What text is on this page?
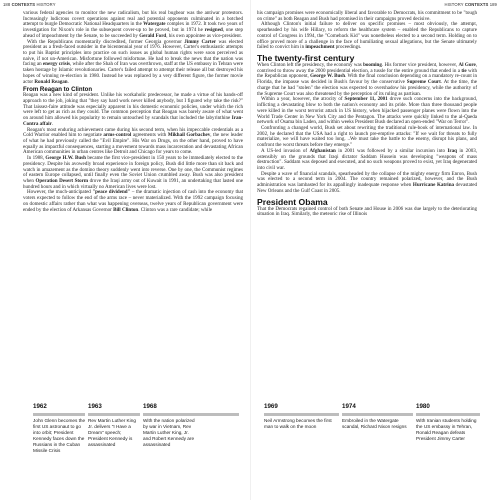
188 CONTEXTS HISTORY	HISTORY CONTEXTS 189

various federal agencies to monitor the new radicalism, but his real bugbear was the antiwar protestors. Increasingly ludicrous covert operations against real and potential opponents culminated in a botched attempt to burgle Democratic National Headquarters in the Watergate complex in 1972. It took two years of investigation for Nixon's role in the subsequent cover-up to be proved, but in 1974 he resigned, one step ahead of impeachment by the Senate, to be succeeded by Gerald Ford, his own appointee as vice-president.

With the Republicans momentarily discredited, former Georgia governor Jimmy Carter was elected president as a fresh-faced outsider in the bicentennial year of 1976. However, Carter's enthusiastic attempts to put his Baptist principles into practice on such issues as global human rights were soon perceived as naive, if not un-American. Misfortune followed misfortune. He had to break the news that the nation was facing an energy crisis, while after the Shah of Iran was overthrown, staff at the US embassy in Tehran were taken hostage by Islamic revolutionaries. Carter's failed attempt to attempt their release all but destroyed his hopes of winning re-election in 1980. Instead he was replaced by a very different figure, the former movie actor Ronald Reagan.

From Reagan to Clinton

Reagan was a new kind of president. Unlike his workaholic predecessor, he made a virtue of his hands-off approach to the job, joking that "they say hard work never killed anybody, but I figured why take the risk?" That laissez-faire attitude was especially apparent in his domestic economic policies, under which the rich were left to get as rich as they could. The common perception that Reagan was barely aware of what went on around him allowed his popularity to remain untouched by scandals that included the labyrinthine Iran-Contra affair.

Reagan's most enduring achievement came during his second term, when his impeccable credentials as a Cold Warrior enabled him to negotiate arms-control agreements with Mikhail Gorbachev, the new leader of what he had previously called the "Evil Empire". His War on Drugs, on the other hand, proved to have equally as impactful consequences, starting a movement towards mass incarceration and devastating African American communities in urban centres like Detroit and Chicago for years to come.

In 1988, George H.W. Bush became the first vice-president in 150 years to be immediately elected to the presidency. Despite his avowedly broad experience in foreign policy, Bush did little more than sit back and watch in amazement as the domino theory suddenly went into reverse. One by one, the Communist regimes of eastern Europe collapsed, until finally even the Soviet Union crumbled away. Bush was also president when Operation Desert Storm drove the Iraqi army out of Kuwait in 1991, an undertaking that lasted one hundred hours and in which virtually no American lives were lost.

However, the much-anticipated "peace dividend" – the dramatic injection of cash into the economy that voters expected to follow the end of the arms race – never materialized. With the 1992 campaign focusing on domestic affairs rather than what was happening overseas, twelve years of Republican government were ended by the election of Arkansas Governor Bill Clinton. Clinton was a rare candidate; while

his campaign promises were economically liberal and favorable to Democrats, his commitment to be "tough on crime" as both Reagan and Bush had promised in their campaigns proved decisive.

Although Clinton's initial failure to deliver on specific promises – most obviously, the attempt, spearheaded by his wife Hillary, to reform the healthcare system – enabled the Republicans to capture control of Congress in 1994, the "Comeback Kid" was nonetheless elected to a second term. Holding on to office proved more of a challenge in the face of humiliating sexual allegations, but the Senate ultimately failed to convict him in impeachment proceedings.

The twenty-first century

When Clinton left the presidency, the economy was booming. His former vice president, however, Al Gore, contrived to throw away the 2000 presidential election, a tussle for the entire ground that ended in a tie with the Republican opponent, George W. Bush. With the final conclusion depending on a mandatory re-count in Florida, the impasse was decided in Bush's favour by the conservative Supreme Court. At the time, the charge that he had "stolen" the election was expected to overshadow his presidency, while the authority of the Supreme Court was also threatened by the perception of its ruling as partisan.

Within a year, however, the atrocity of September 11, 2001 drove such concerns into the background, inflicting a devastating blow to both the nation's economy and its pride. More than three thousand people were killed in the worst terrorist attack in US history, when hijacked passenger planes were flown into the World Trade Center in New York City and the Pentagon. The attacks were quickly linked to the al-Qaeda network of Osama bin Laden, and within weeks President Bush declared an open-ended "War on Terror".

Confronting a changed world, Bush set about rewriting the traditional rule-book of international law. In 2002, he declared that the USA had a right to launch pre-emptive attacks: "If we wait for threats to fully materialize, we will have waited too long. ..We must take the battle to the enemy, disrupt his plans, and confront the worst threats before they emerge."

A US-led invasion of Afghanistan in 2001 was followed by a similar incursion into Iraq in 2003, ostensibly on the grounds that Iraqi dictator Saddam Hussein was developing "weapons of mass destruction". Saddam was deposed and executed, and no such weapons proved to exist, yet Iraq degenerated into civil war.

Despite a wave of financial scandals, spearheaded by the collapse of the mighty energy firm Enron, Bush was elected to a second term in 2004. The country remained polarized, however, and the Bush administration was lambasted for its appallingly inadequate response when Hurricane Katrina devastated New Orleans and the Gulf Coast in 2005.

President Obama

That the Democrats regained control of both Senate and House in 2006 was due largely to the deteriorating situation in Iraq. Similarly, the meteoric rise of Illinois

1962
John Glenn becomes the first US astronaut to go into orbit; President Kennedy faces down the Russians in the Cuban Missile Crisis
1963
Rev Martin Luther King Jr. delivers "I Have a Dream" speech; President Kennedy is assassinated
1968
With the nation polarized by war in Vietnam, Rev Martin Luther King, Jr. and Robert Kennedy are assassinated
1969
Neil Armstrong becomes the first man to walk on the moon
1974
Embroiled in the Watergate scandal, Richard Nixon resigns
1980
With Iranian students holding the US embassy in Tehran, Ronald Reagan defeats President Jimmy Carter
